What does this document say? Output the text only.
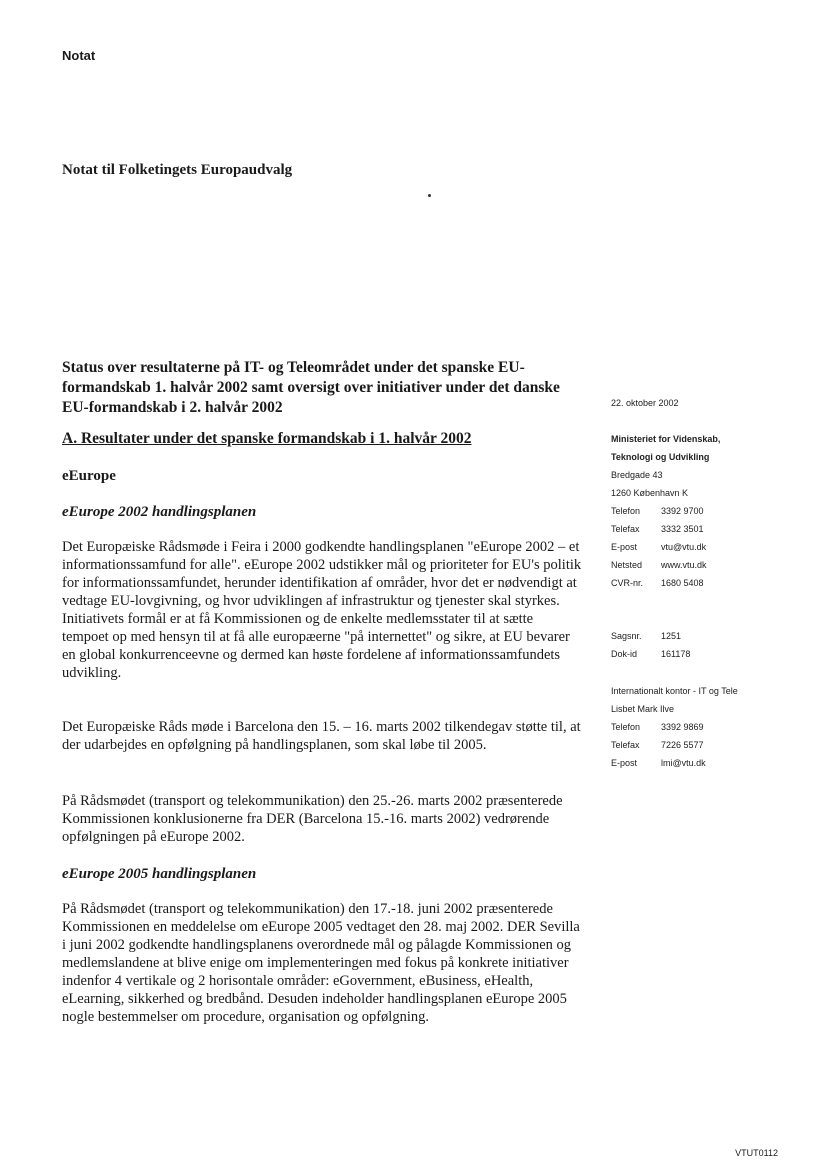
Notat
Notat til Folketingets Europaudvalg
Status over resultaterne på IT- og Teleområdet under det spanske EU-formandskab 1. halvår 2002 samt oversigt over initiativer under det danske EU-formandskab i 2. halvår 2002
A. Resultater under det spanske formandskab i 1. halvår 2002
eEurope
eEurope 2002 handlingsplanen
Det Europæiske Rådsmøde i Feira i 2000 godkendte handlingsplanen "eEurope 2002 – et informationssamfund for alle". eEurope 2002 udstikker mål og prioriteter for EU's politik for informationssamfundet, herunder identifikation af områder, hvor det er nødvendigt at vedtage EU-lovgivning, og hvor udviklingen af infrastruktur og tjenester skal styrkes. Initiativets formål er at få Kommissionen og de enkelte medlemsstater til at sætte tempoet op med hensyn til at få alle europæerne "på internettet" og sikre, at EU bevarer en global konkurrenceevne og dermed kan høste fordelene af informationssamfundets udvikling.
Det Europæiske Råds møde i Barcelona den 15. – 16. marts 2002 tilkendegav støtte til, at der udarbejdes en opfølgning på handlingsplanen, som skal løbe til 2005.
På Rådsmødet (transport og telekommunikation) den 25.-26. marts 2002 præsenterede Kommissionen konklusionerne fra DER (Barcelona 15.-16. marts 2002) vedrørende opfølgningen på eEurope 2002.
eEurope 2005 handlingsplanen
På Rådsmødet (transport og telekommunikation) den 17.-18. juni 2002 præsenterede Kommissionen en meddelelse om eEurope 2005 vedtaget den 28. maj 2002. DER Sevilla i juni 2002 godkendte handlingsplanens overordnede mål og pålagde Kommissionen og medlemslandene at blive enige om implementeringen med fokus på konkrete initiativer indenfor 4 vertikale og 2 horisontale områder: eGovernment, eBusiness, eHealth, eLearning, sikkerhed og bredbånd. Desuden indeholder handlingsplanen eEurope 2005 nogle bestemmelser om procedure, organisation og opfølgning.
22. oktober 2002
Ministeriet for Videnskab,
Teknologi og Udvikling
Bredgade 43
1260 København K
Telefon 3392 9700
Telefax 3332 3501
E-post	vtu@vtu.dk
Netsted www.vtu.dk
CVR-nr. 1680 5408
Sagsnr. 1251
Dok-id	161178
Internationalt kontor - IT og Tele
Lisbet Mark Ilve
Telefon 3392 9869
Telefax 7226 5577
E-post	lmi@vtu.dk
VTUT0112
